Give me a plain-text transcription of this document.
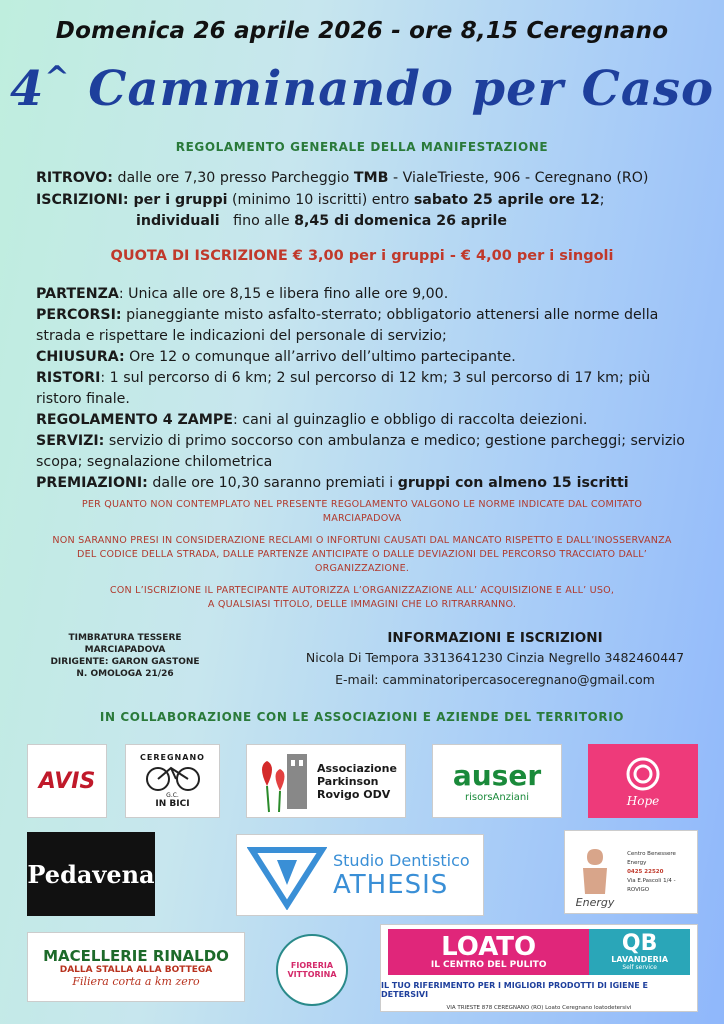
Domenica 26 aprile 2026 - ore 8,15 Ceregnano
4^ Camminando per Caso
REGOLAMENTO GENERALE DELLA MANIFESTAZIONE
RITROVO: dalle ore 7,30 presso Parcheggio TMB - ViaIeTrieste, 906 - Ceregnano (RO)
ISCRIZIONI: per i gruppi (minimo 10 iscritti) entro sabato 25 aprile ore 12;
individuali   fino alle 8,45 di domenica 26 aprile
QUOTA DI ISCRIZIONE € 3,00 per i gruppi - € 4,00 per i singoli
PARTENZA: Unica alle ore 8,15 e libera fino alle ore 9,00.
PERCORSI: pianeggiante misto asfalto-sterrato; obbligatorio attenersi alle norme della strada e rispettare le indicazioni del personale di servizio;
CHIUSURA: Ore 12 o comunque all’arrivo dell’ultimo partecipante.
RISTORI: 1 sul percorso di 6 km; 2 sul percorso di 12 km; 3 sul percorso di 17 km; più ristoro finale.
REGOLAMENTO 4 ZAMPE: cani al guinzaglio e obbligo di raccolta deiezioni.
SERVIZI: servizio di primo soccorso con ambulanza e medico; gestione parcheggi; servizio scopa; segnalazione chilometrica
PREMIAZIONI: dalle ore 10,30 saranno premiati i gruppi con almeno 15 iscritti
PER QUANTO NON CONTEMPLATO NEL PRESENTE REGOLAMENTO VALGONO LE NORME INDICATE DAL COMITATO MARCIAPADOVA
NON SARANNO PRESI IN CONSIDERAZIONE RECLAMI O INFORTUNI CAUSATI DAL MANCATO RISPETTO E DALL’INOSSERVANZA DEL CODICE DELLA STRADA, DALLE PARTENZE ANTICIPATE O DALLE DEVIAZIONI DEL PERCORSO TRACCIATO DALL’ ORGANIZZAZIONE.
CON L’ISCRIZIONE IL PARTECIPANTE AUTORIZZA L’ORGANIZZAZIONE ALL’ ACQUISIZIONE E ALL’ USO,
A QUALSIASI TITOLO, DELLE IMMAGINI CHE LO RITRARRANNO.
TIMBRATURA TESSERE
MARCIAPADOVA
DIRIGENTE: GARON GASTONE
N. OMOLOGA 21/26
INFORMAZIONI E ISCRIZIONI
Nicola Di Tempora 3313641230 Cinzia Negrello 3482460447
E-mail: camminatoripercasoceregnano@gmail.com
IN COLLABORAZIONE CON LE ASSOCIAZIONI E AZIENDE DEL TERRITORIO
AVIS
CEREGNANO
G.C.
IN BICI
Associazione
Parkinson
Rovigo ODV
auser
risorsAnziani	Hope
Pedavena	Studio Dentistico
ATHESIS
Energy
Centro Benessere Energy
0425 22520
Via E.Pascoli 1/4 - ROVIGO
MACELLERIE RINALDO
DALLA STALLA ALLA BOTTEGA
Filiera corta a km zero
FIORERIA
VITTORINA
LOATO
IL CENTRO DEL PULITO
QB
LAVANDERIA
Self service
IL TUO RIFERIMENTO PER I MIGLIORI PRODOTTI DI IGIENE E DETERSIVI
VIA TRIESTE 878 CEREGNANO (RO) Loato Ceregnano loatodetersivi
